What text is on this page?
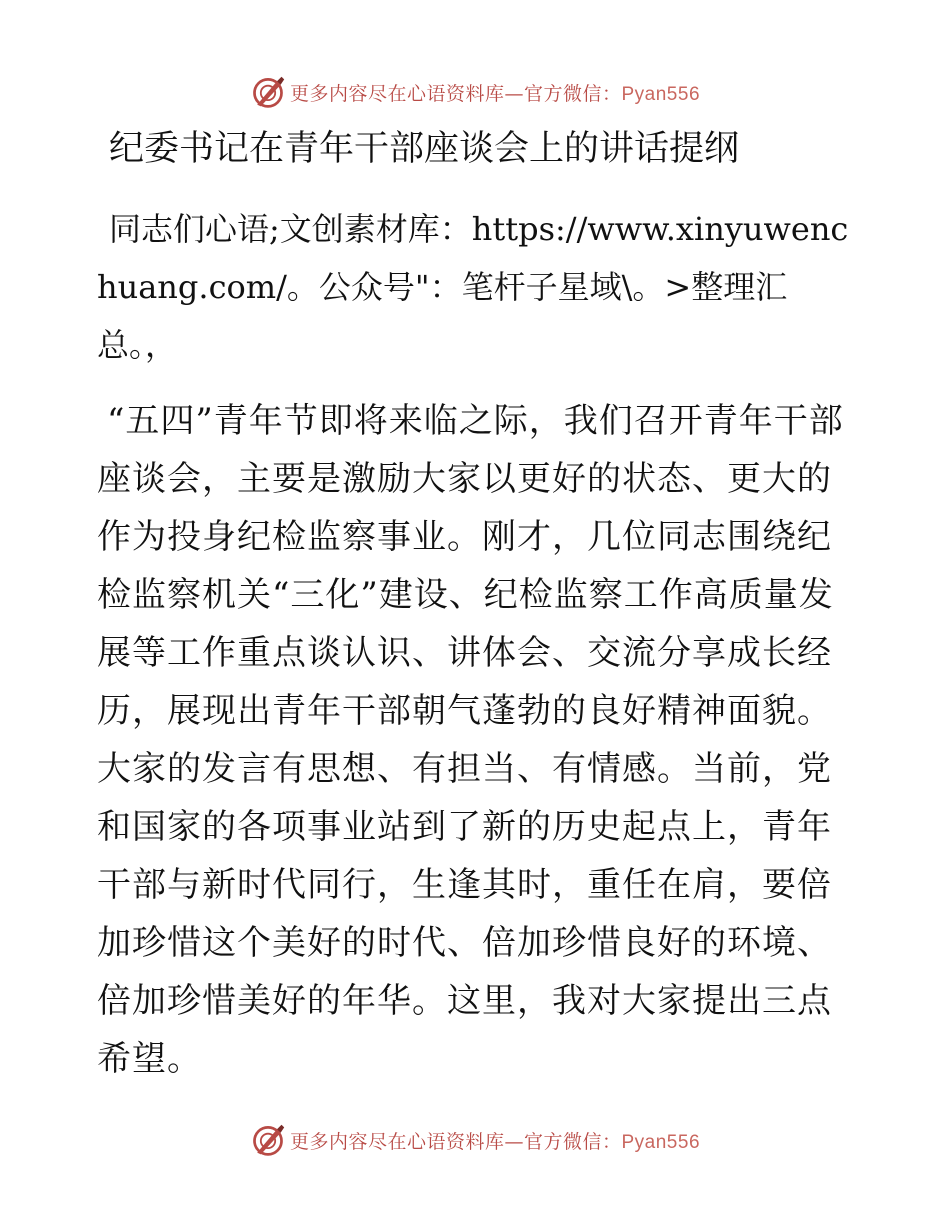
更多内容尽在心语资料库—官方微信：Pyan556
纪委书记在青年干部座谈会上的讲话提纲

同志们心语;文创素材库：https://www.xinyuwenchuang.com/。公众号"：笔杆子星域\。>整理汇总。，

“五四”青年节即将来临之际，我们召开青年干部座谈会，主要是激励大家以更好的状态、更大的作为投身纪检监察事业。刚才，几位同志围绕纪检监察机关“三化”建设、纪检监察工作高质量发展等工作重点谈认识、讲体会、交流分享成长经历，展现出青年干部朝气蓬勃的良好精神面貌。大家的发言有思想、有担当、有情感。当前，党和国家的各项事业站到了新的历史起点上，青年干部与新时代同行，生逢其时，重任在肩，要倍加珍惜这个美好的时代、倍加珍惜良好的环境、倍加珍惜美好的年华。这里，我对大家提出三点希望。

更多内容尽在心语资料库—官方微信：Pyan556
